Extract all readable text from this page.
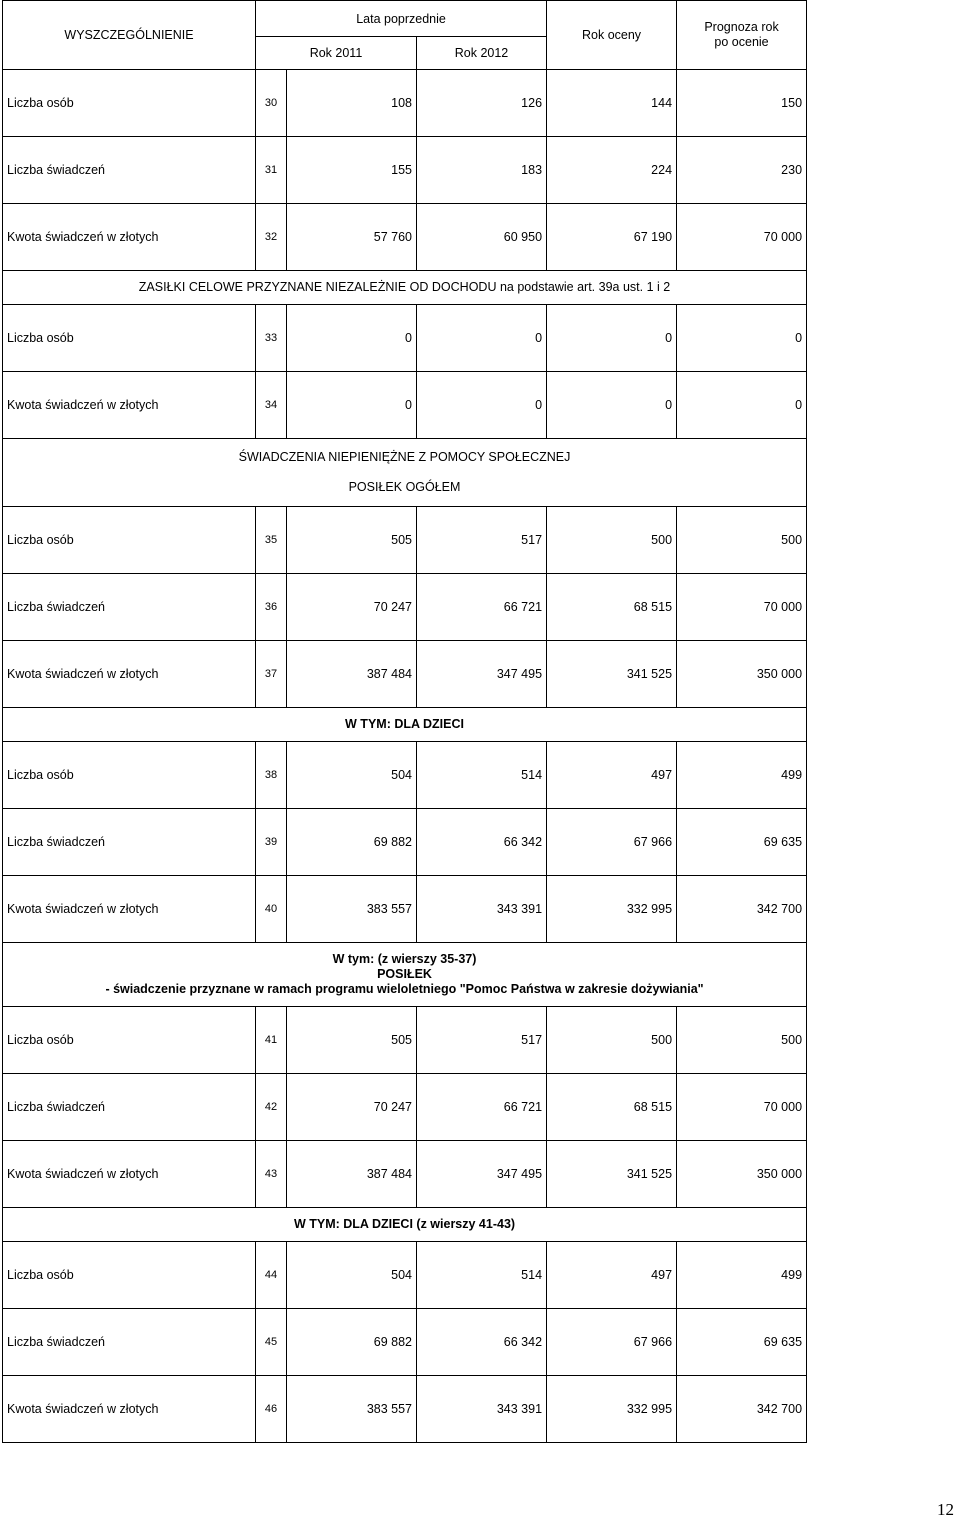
WYSZCZEGÓLNIENIE	Lata poprzednie			Rok oceny	Prognoza rok
po ocenie
	Rok 2011		Rok 2012		
Liczba osób	30	108	126	144	150
Liczba świadczeń	31	155	183	224	230
Kwota świadczeń w złotych	32	57 760	60 950	67 190	70 000
ZASIŁKI CELOWE PRZYZNANE NIEZALEŻNIE OD DOCHODU na podstawie art. 39a ust. 1 i 2					
Liczba osób	33	0	0	0	0
Kwota świadczeń w złotych	34	0	0	0	0
ŚWIADCZENIA NIEPIENIĘŻNE Z POMOCY SPOŁECZNEJ

POSIŁEK OGÓŁEM					
Liczba osób	35	505	517	500	500
Liczba świadczeń	36	70 247	66 721	68 515	70 000
Kwota świadczeń w złotych	37	387 484	347 495	341 525	350 000
W TYM: DLA DZIECI					
Liczba osób	38	504	514	497	499
Liczba świadczeń	39	69 882	66 342	67 966	69 635
Kwota świadczeń w złotych	40	383 557	343 391	332 995	342 700
W tym: (z wierszy 35-37)
POSIŁEK
- świadczenie przyznane w ramach programu wieloletniego "Pomoc Państwa w zakresie dożywiania"					
Liczba osób	41	505	517	500	500
Liczba świadczeń	42	70 247	66 721	68 515	70 000
Kwota świadczeń w złotych	43	387 484	347 495	341 525	350 000
W TYM: DLA DZIECI (z wierszy 41-43)					
Liczba osób	44	504	514	497	499
Liczba świadczeń	45	69 882	66 342	67 966	69 635
Kwota świadczeń w złotych	46	383 557	343 391	332 995	342 700
12
